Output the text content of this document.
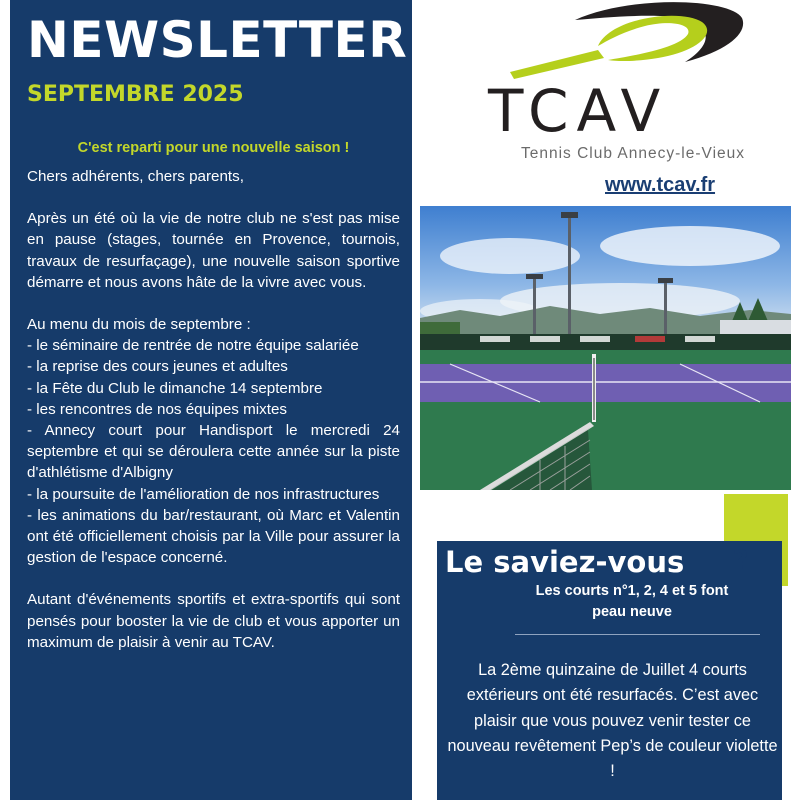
NEWSLETTER
SEPTEMBRE 2025
C'est reparti pour une nouvelle saison !

Chers adhérents, chers parents,

Après un été où la vie de notre club ne s'est pas mise en pause (stages, tournée en Provence, tournois, travaux de resurfaçage), une nouvelle saison sportive démarre et nous avons hâte de la vivre avec vous.

Au menu du mois de septembre :
- le séminaire de rentrée de notre équipe salariée
- la reprise des cours jeunes et adultes
- la Fête du Club le dimanche 14 septembre
- les rencontres de nos équipes mixtes
- Annecy court pour Handisport le mercredi 24 septembre et qui se déroulera cette année sur la piste d'athlétisme d'Albigny
- la poursuite de l'amélioration de nos infrastructures
- les animations du bar/restaurant, où Marc et Valentin ont été officiellement choisis par la Ville pour assurer la gestion de l'espace concerné.

Autant d'événements sportifs et extra-sportifs qui sont pensés pour booster la vie de club et vous apporter un maximum de plaisir à venir au TCAV.

TCAV
Tennis Club Annecy-le-Vieux
www.tcav.fr
Le saviez-vous
Les courts n°1, 2, 4 et 5 font peau neuve
La 2ème quinzaine de Juillet 4 courts extérieurs ont été resurfacés. C’est avec plaisir que vous pouvez venir tester ce nouveau revêtement Pep’s de couleur violette !
?
